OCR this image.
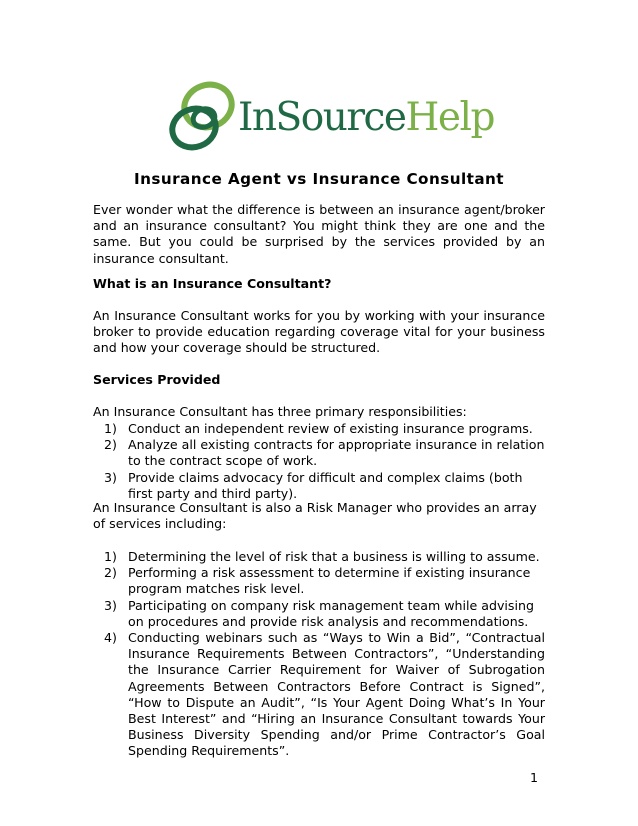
InSourceHelp
Insurance Agent vs Insurance Consultant
Ever wonder what the difference is between an insurance agent/broker and an insurance consultant? You might think they are one and the same. But you could be surprised by the services provided by an insurance consultant.
What is an Insurance Consultant?
An Insurance Consultant works for you by working with your insurance broker to provide education regarding coverage vital for your business and how your coverage should be structured.
Services Provided
An Insurance Consultant has three primary responsibilities:
1) Conduct an independent review of existing insurance programs.
2) Analyze all existing contracts for appropriate insurance in relation to the contract scope of work.
3) Provide claims advocacy for difficult and complex claims (both first party and third party).
An Insurance Consultant is also a Risk Manager who provides an array of services including:
1) Determining the level of risk that a business is willing to assume.
2) Performing a risk assessment to determine if existing insurance program matches risk level.
3) Participating on company risk management team while advising on procedures and provide risk analysis and recommendations.
4) Conducting webinars such as “Ways to Win a Bid”, “Contractual Insurance Requirements Between Contractors”, “Understanding the Insurance Carrier Requirement for Waiver of Subrogation Agreements Between Contractors Before Contract is Signed”, “How to Dispute an Audit”, “Is Your Agent Doing What’s In Your Best Interest” and “Hiring an Insurance Consultant towards Your Business Diversity Spending and/or Prime Contractor’s Goal Spending Requirements”.
1
